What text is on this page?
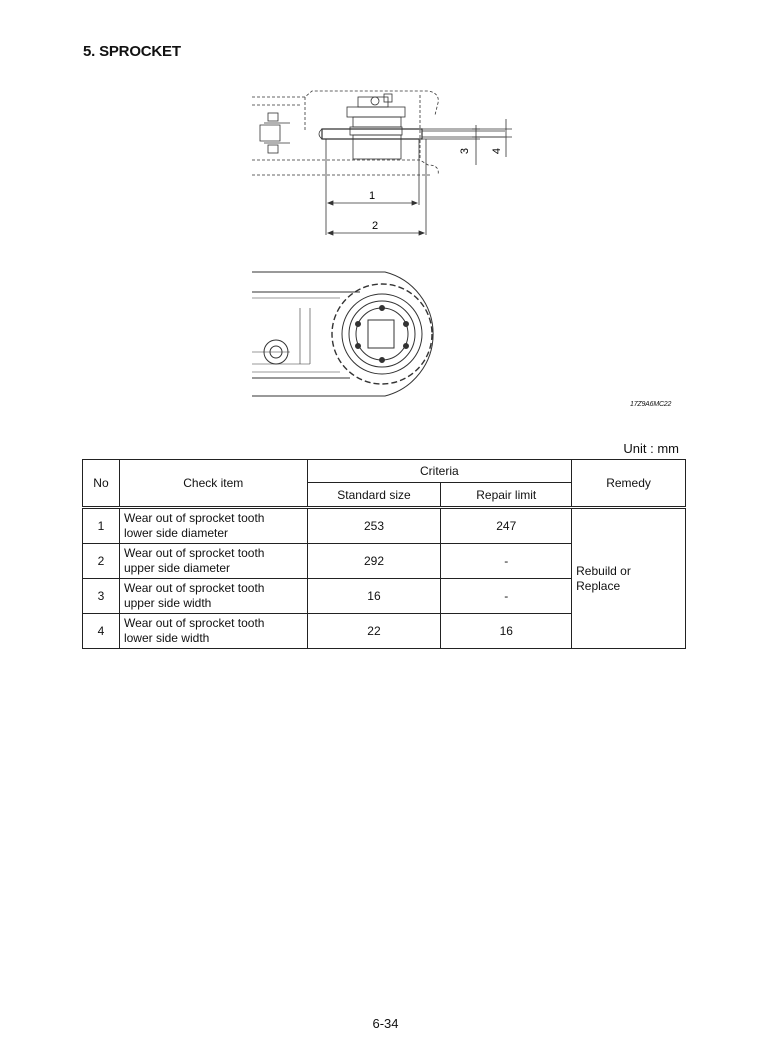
5. SPROCKET
1
2
3 4
17Z9A6MC22
Unit : mm
No	Check item	Criteria		Remedy
		Standard size	Repair limit	
1	Wear out of sprocket tooth
lower side diameter	253	247	Rebuild or
Replace

2	Wear out of sprocket tooth
upper side diameter	292	-	
3	Wear out of sprocket tooth
upper side width	16	-	
4	Wear out of sprocket tooth
lower side width	22	16	
6-34
